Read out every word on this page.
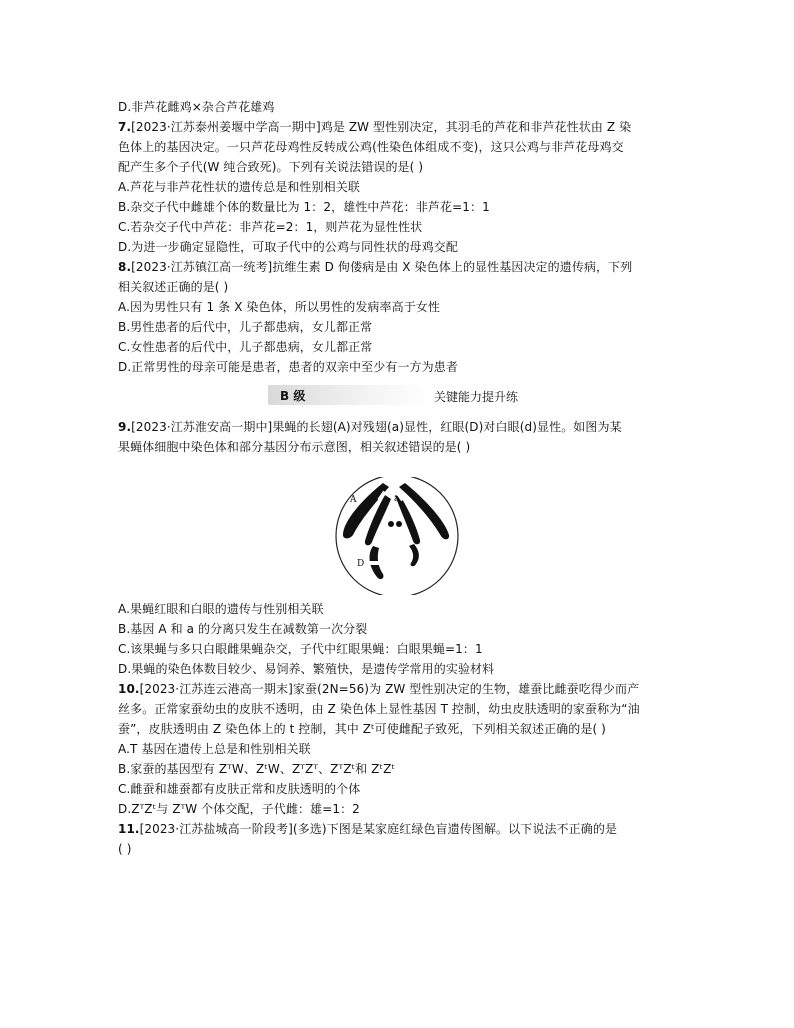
D.非芦花雌鸡×杂合芦花雄鸡
7.[2023·江苏泰州姜堰中学高一期中]鸡是 ZW 型性别决定，其羽毛的芦花和非芦花性状由 Z 染
色体上的基因决定。一只芦花母鸡性反转成公鸡(性染色体组成不变)，这只公鸡与非芦花母鸡交
配产生多个子代(W 纯合致死)。下列有关说法错误的是( )
A.芦花与非芦花性状的遗传总是和性别相关联
B.杂交子代中雌雄个体的数量比为 1：2，雄性中芦花：非芦花=1：1
C.若杂交子代中芦花：非芦花=2：1，则芦花为显性性状
D.为进一步确定显隐性，可取子代中的公鸡与同性状的母鸡交配
8.[2023·江苏镇江高一统考]抗维生素 D 佝偻病是由 X 染色体上的显性基因决定的遗传病，下列
相关叙述正确的是( )
A.因为男性只有 1 条 X 染色体，所以男性的发病率高于女性
B.男性患者的后代中，儿子都患病，女儿都正常
C.女性患者的后代中，儿子都患病，女儿都正常
D.正常男性的母亲可能是患者，患者的双亲中至少有一方为患者
B 级	关键能力提升练
9.[2023·江苏淮安高一期中]果蝇的长翅(A)对残翅(a)显性，红眼(D)对白眼(d)显性。如图为某
果蝇体细胞中染色体和部分基因分布示意图，相关叙述错误的是( )
A	a
D
A.果蝇红眼和白眼的遗传与性别相关联
B.基因 A 和 a 的分离只发生在减数第一次分裂
C.该果蝇与多只白眼雌果蝇杂交，子代中红眼果蝇：白眼果蝇=1：1
D.果蝇的染色体数目较少、易饲养、繁殖快，是遗传学常用的实验材料
10.[2023·江苏连云港高一期末]家蚕(2N=56)为 ZW 型性别决定的生物，雄蚕比雌蚕吃得少而产
丝多。正常家蚕幼虫的皮肤不透明，由 Z 染色体上显性基因 T 控制，幼虫皮肤透明的家蚕称为“油
蚕”，皮肤透明由 Z 染色体上的 t 控制，其中 Zᵗ可使雌配子致死，下列相关叙述正确的是( )
A.T 基因在遗传上总是和性别相关联
B.家蚕的基因型有 ZᵀW、ZᵗW、ZᵀZᵀ、ZᵀZᵗ和 ZᵗZᵗ
C.雌蚕和雄蚕都有皮肤正常和皮肤透明的个体
D.ZᵀZᵗ与 ZᵀW 个体交配，子代雌：雄=1：2
11.[2023·江苏盐城高一阶段考](多选)下图是某家庭红绿色盲遗传图解。以下说法不正确的是
( )
